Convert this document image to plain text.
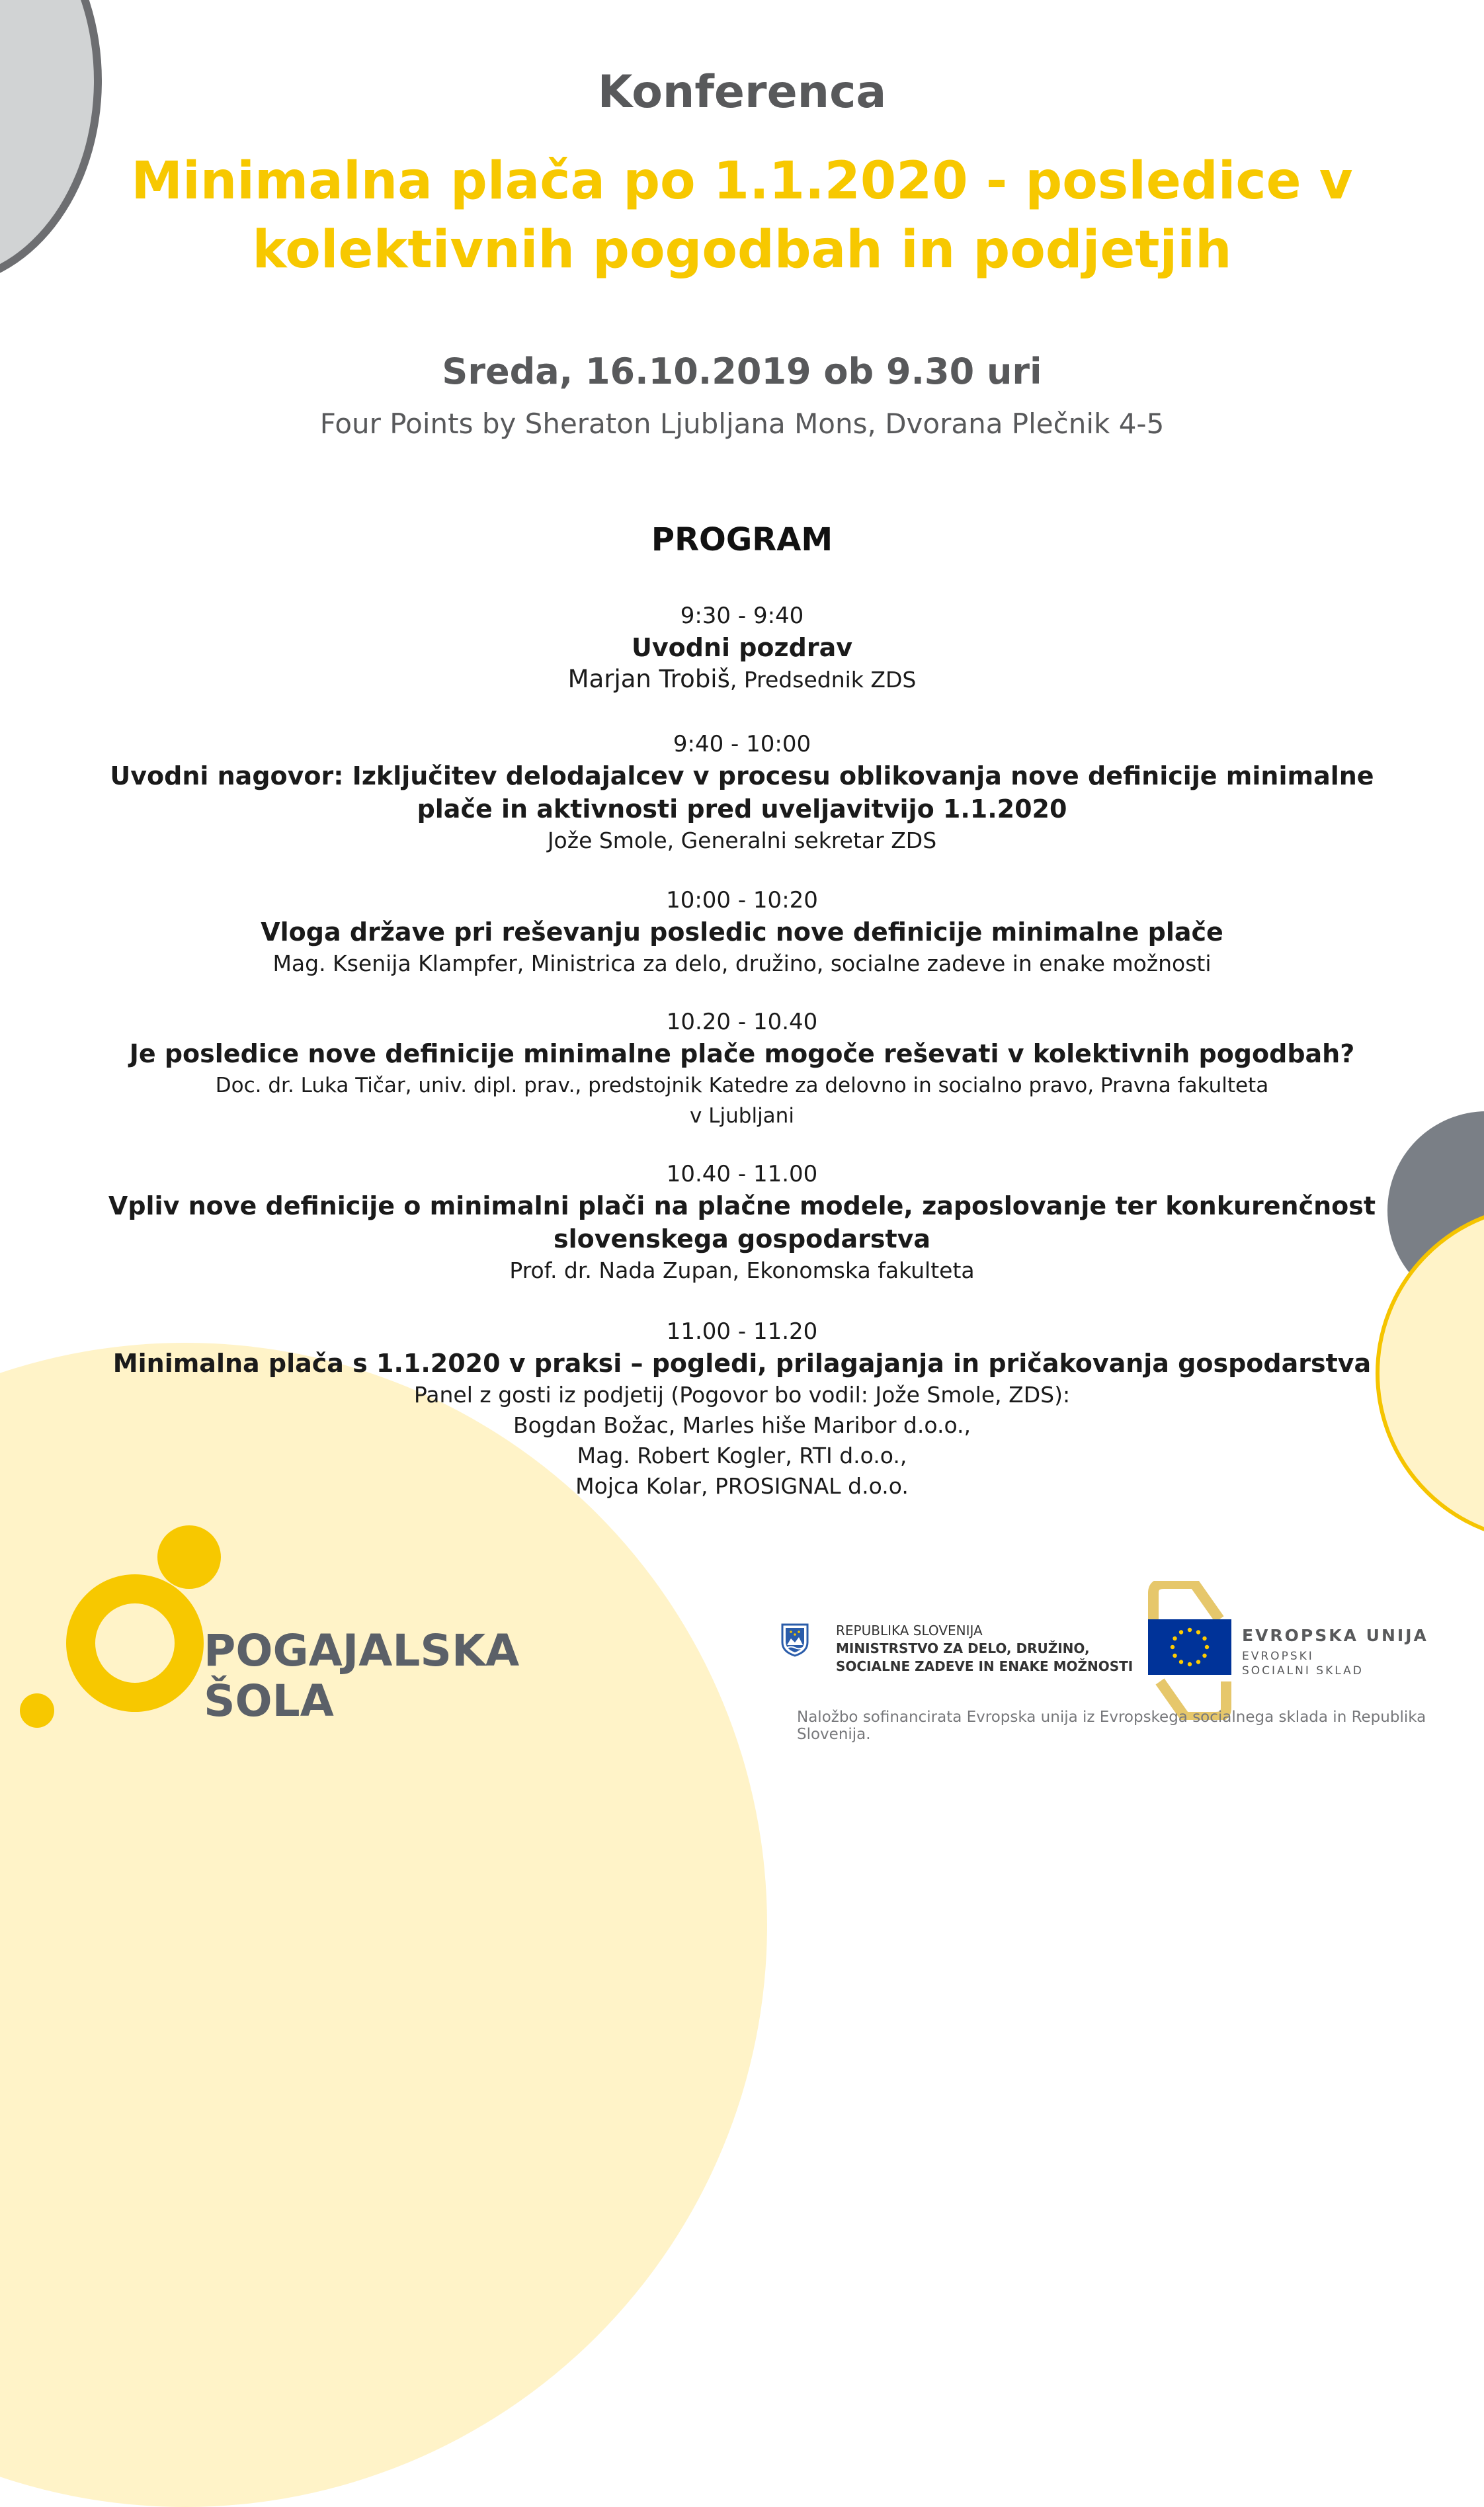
Konferenca
Minimalna plača po 1.1.2020 - posledice v
kolektivnih pogodbah in podjetjih
Sreda, 16.10.2019 ob 9.30 uri
Four Points by Sheraton Ljubljana Mons, Dvorana Plečnik 4-5
PROGRAM
9:30 - 9:40
Uvodni pozdrav
Marjan Trobiš, Predsednik ZDS
9:40 - 10:00
Uvodni nagovor: Izključitev delodajalcev v procesu oblikovanja nove definicije minimalne
plače in aktivnosti pred uveljavitvijo 1.1.2020
Jože Smole, Generalni sekretar ZDS
10:00 - 10:20
Vloga države pri reševanju posledic nove definicije minimalne plače
Mag. Ksenija Klampfer, Ministrica za delo, družino, socialne zadeve in enake možnosti
10.20 - 10.40
Je posledice nove definicije minimalne plače mogoče reševati v kolektivnih pogodbah?
Doc. dr. Luka Tičar, univ. dipl. prav., predstojnik Katedre za delovno in socialno pravo, Pravna fakulteta
v Ljubljani
10.40 - 11.00
Vpliv nove definicije o minimalni plači na plačne modele, zaposlovanje ter konkurenčnost
slovenskega gospodarstva
Prof. dr. Nada Zupan, Ekonomska fakulteta
11.00 - 11.20
Minimalna plača s 1.1.2020 v praksi – pogledi, prilagajanja in pričakovanja gospodarstva
Panel z gosti iz podjetij (Pogovor bo vodil: Jože Smole, ZDS):
Bogdan Božac, Marles hiše Maribor d.o.o.,
Mag. Robert Kogler, RTI d.o.o.,
Mojca Kolar, PROSIGNAL d.o.o.
POGAJALSKA
ŠOLA
REPUBLIKA SLOVENIJA
MINISTRSTVO ZA DELO, DRUŽINO,
SOCIALNE ZADEVE IN ENAKE MOŽNOSTI
EVROPSKA UNIJA
EVROPSKI
SOCIALNI SKLAD
Naložbo sofinancirata Evropska unija iz Evropskega socialnega sklada in Republika Slovenija.
